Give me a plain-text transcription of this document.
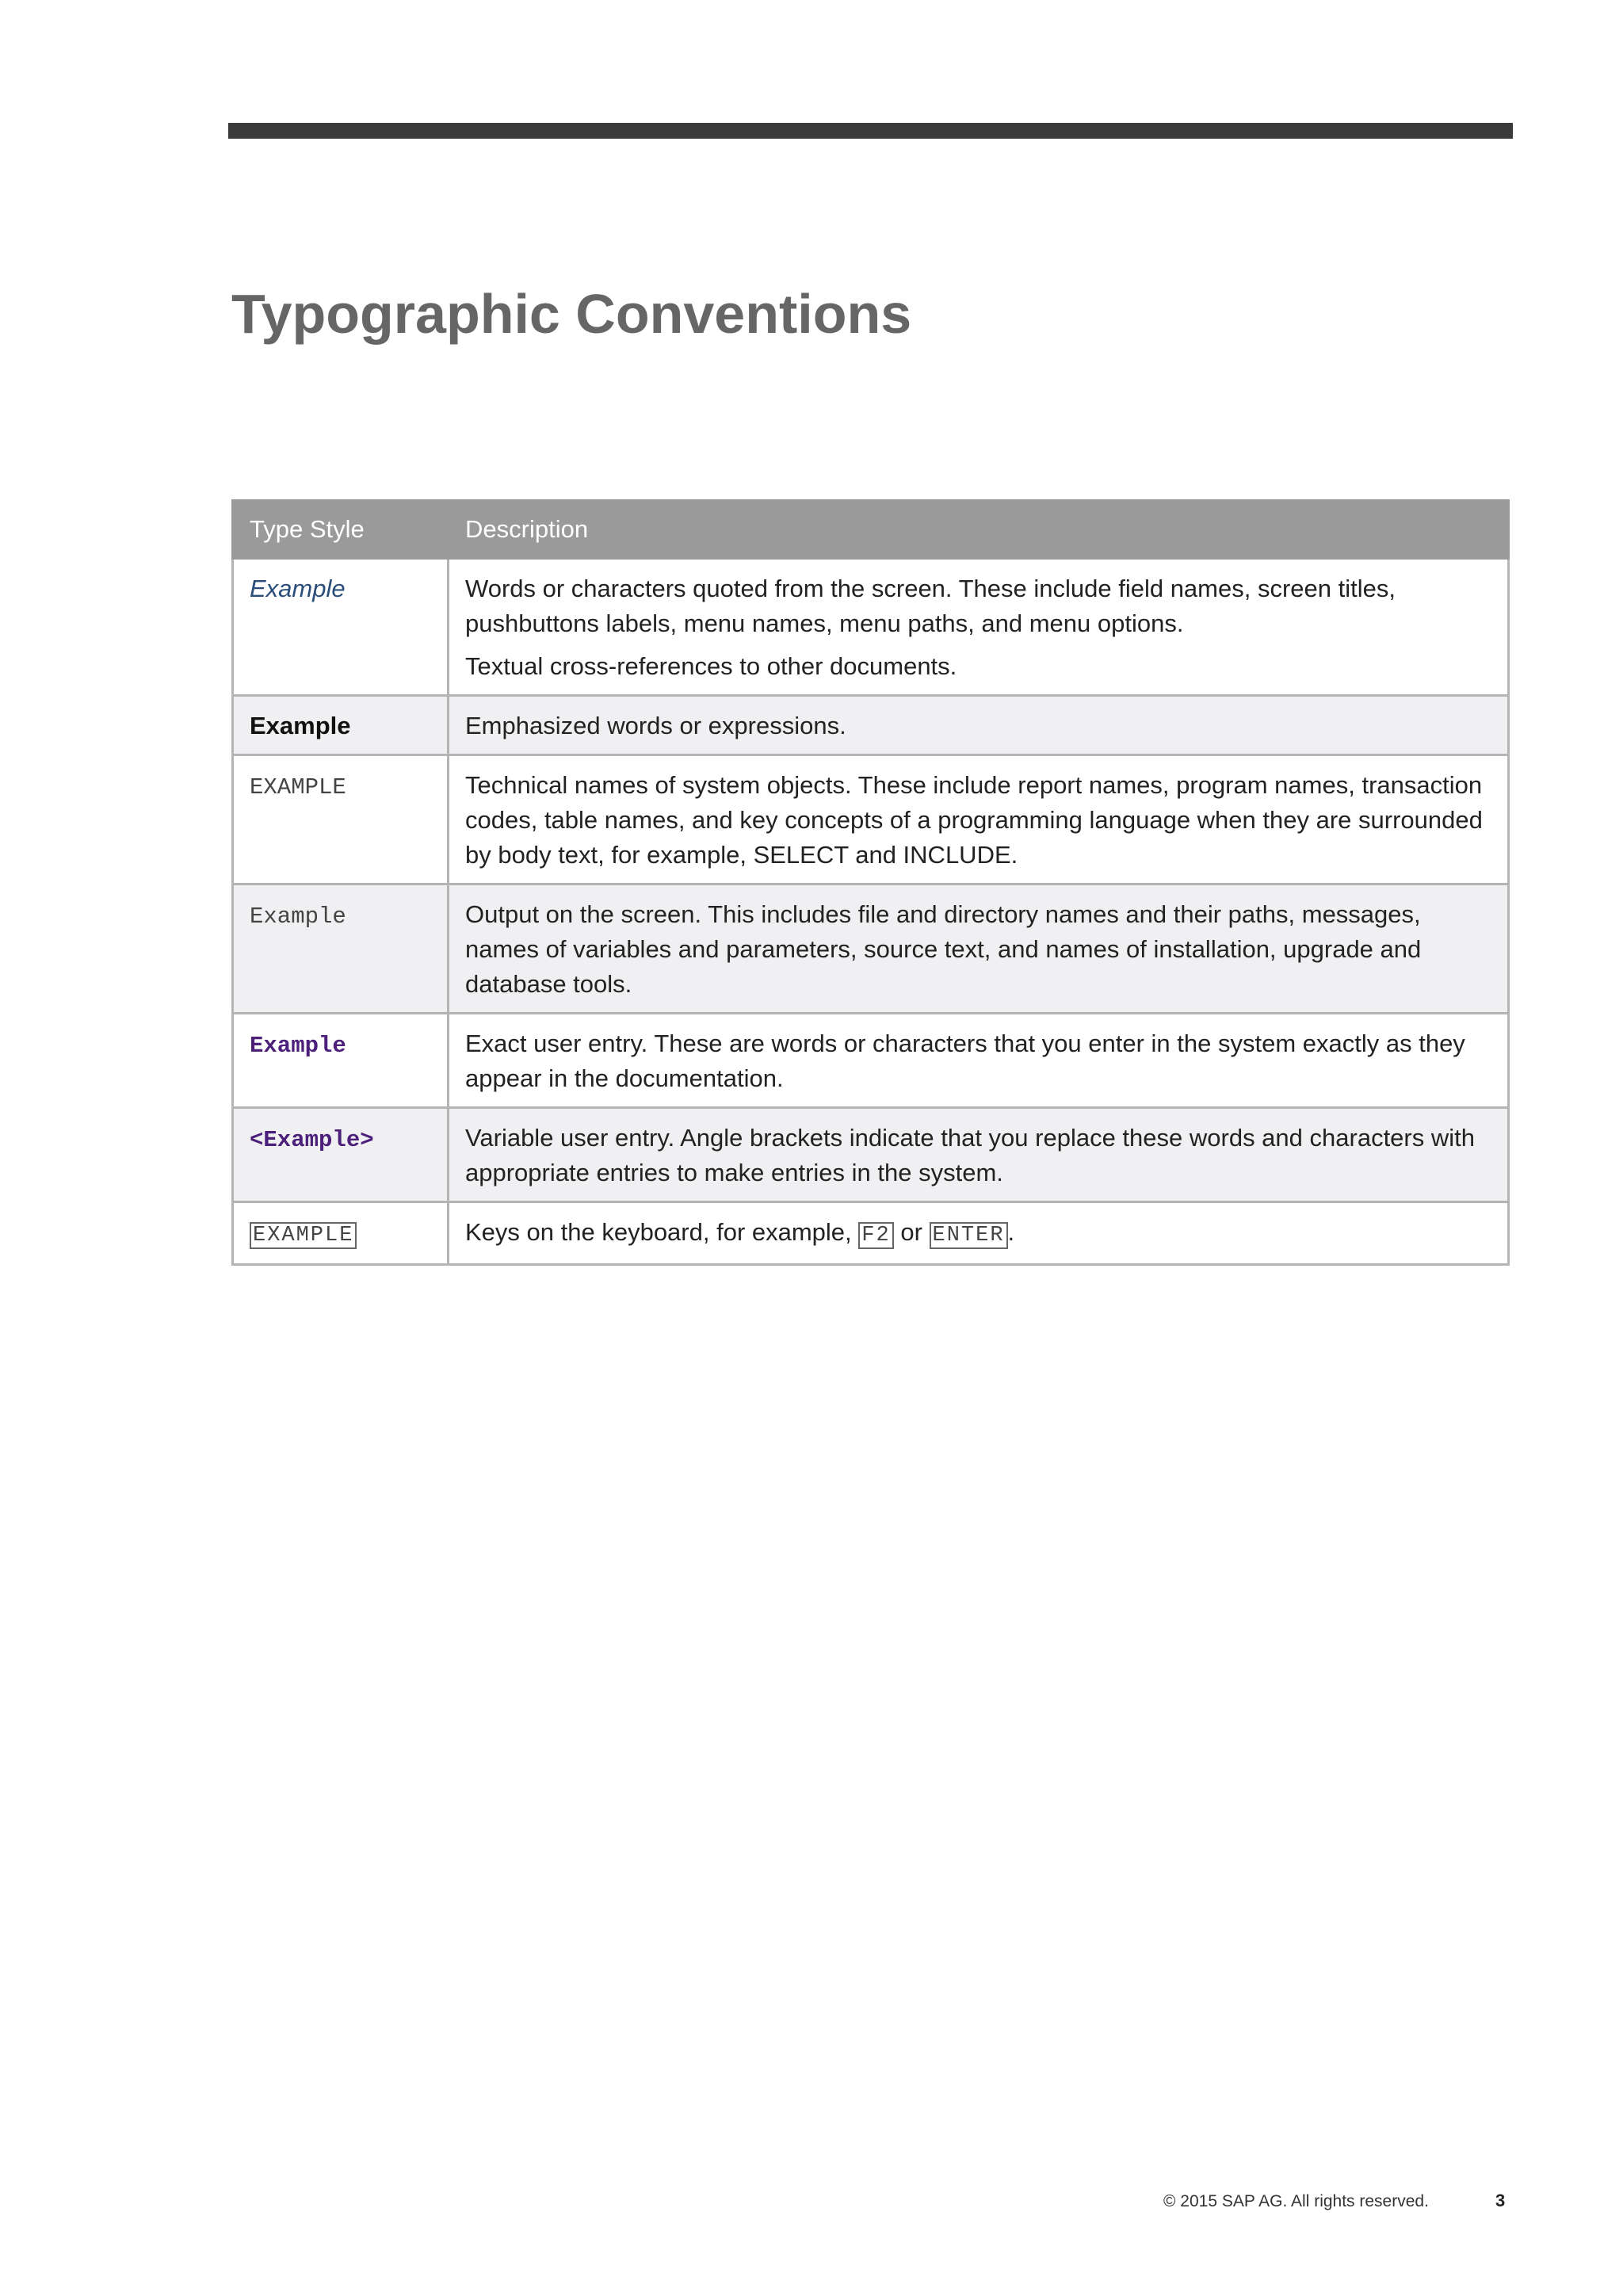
Typographic Conventions
Type Style	Description
Example	Words or characters quoted from the screen. These include field names, screen titles, pushbuttons labels, menu names, menu paths, and menu options.
Textual cross-references to other documents.

Example	Emphasized words or expressions.
EXAMPLE	Technical names of system objects. These include report names, program names, transaction codes, table names, and key concepts of a programming language when they are surrounded by body text, for example, SELECT and INCLUDE.
Example	Output on the screen. This includes file and directory names and their paths, messages, names of variables and parameters, source text, and names of installation, upgrade and database tools.
Example	Exact user entry. These are words or characters that you enter in the system exactly as they appear in the documentation.
<Example>	Variable user entry. Angle brackets indicate that you replace these words and characters with appropriate entries to make entries in the system.
EXAMPLE	Keys on the keyboard, for example, F2 or ENTER .
© 2015 SAP AG. All rights reserved.	3
